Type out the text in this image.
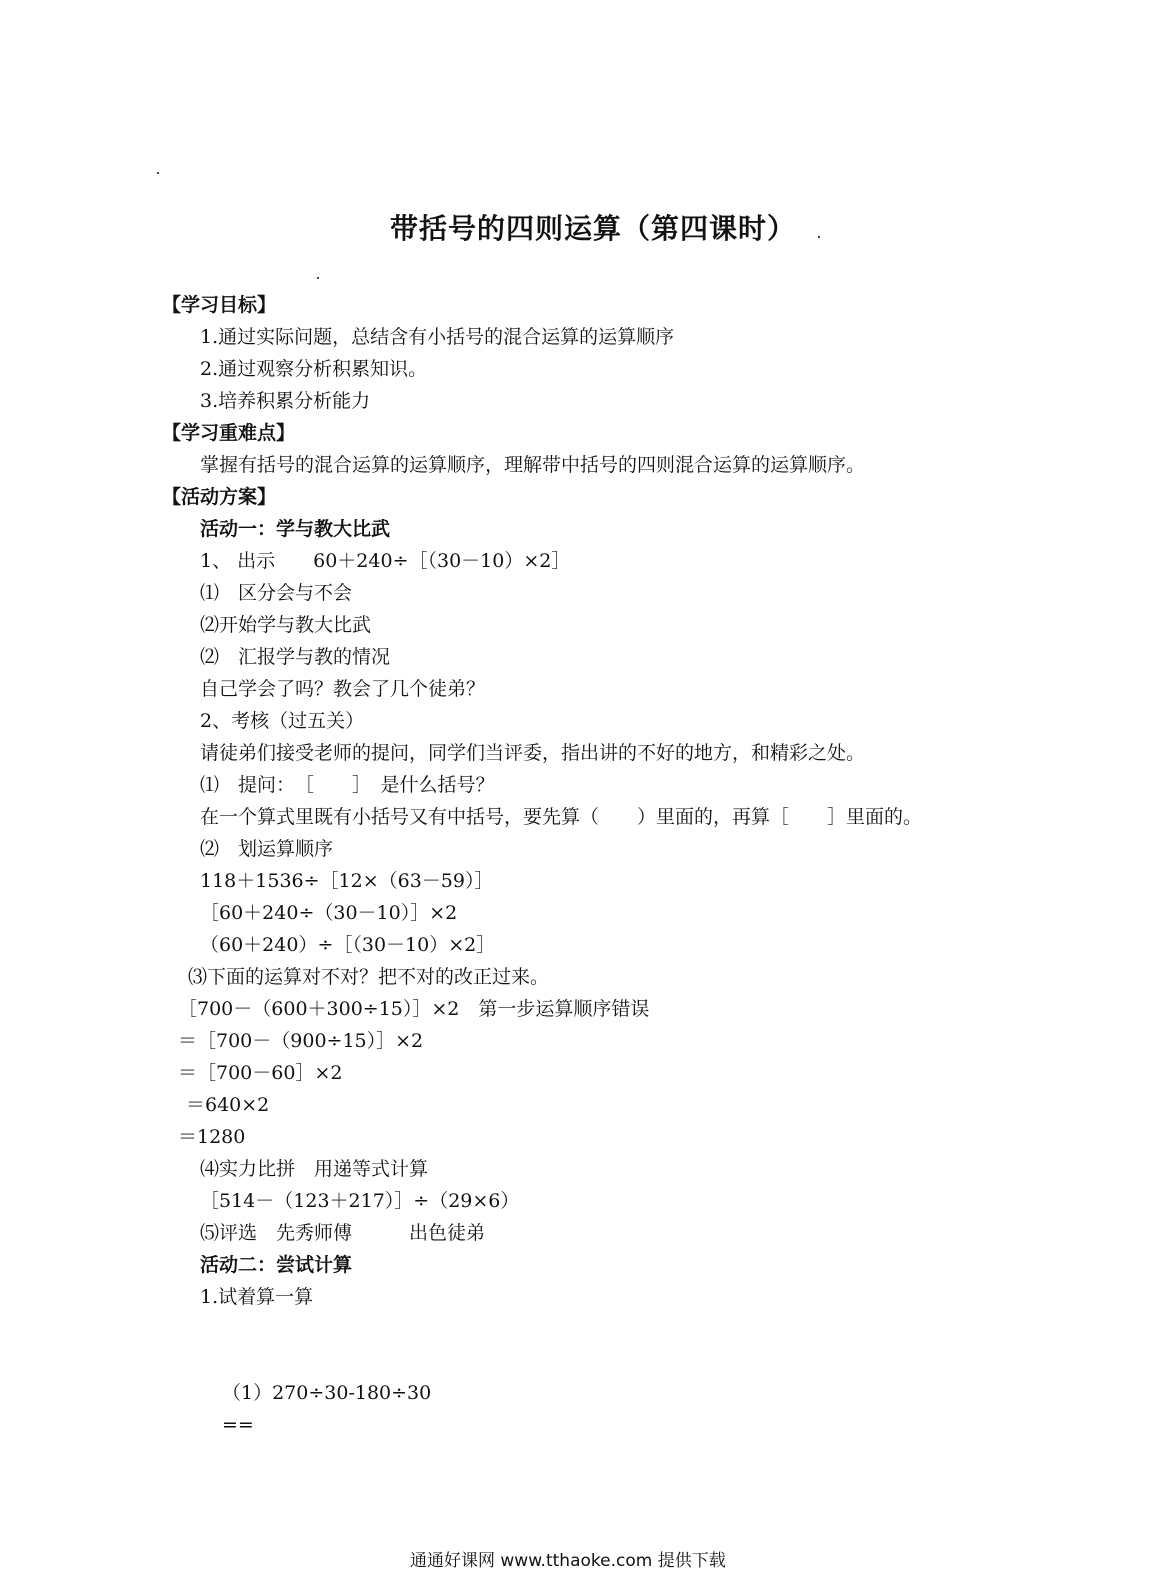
带括号的四则运算（第四课时）
【学习目标】
1.通过实际问题，总结含有小括号的混合运算的运算顺序
2.通过观察分析积累知识。
3.培养积累分析能力
【学习重难点】
掌握有括号的混合运算的运算顺序，理解带中括号的四则混合运算的运算顺序。
【活动方案】
活动一：学与教大比武
1、 出示　　60＋240÷［（30－10）×2］
⑴　区分会与不会
⑵开始学与教大比武
⑵　汇报学与教的情况
自己学会了吗？教会了几个徒弟？
2、考核（过五关）
请徒弟们接受老师的提问，同学们当评委，指出讲的不好的地方，和精彩之处。
⑴　提问：　［　　］　是什么括号？
在一个算式里既有小括号又有中括号，要先算（　　）里面的，再算［　　］里面的。
⑵　划运算顺序
118＋1536÷［12×（63－59）］
［60＋240÷（30－10）］×2
（60＋240）÷［（30－10）×2］
⑶下面的运算对不对？把不对的改正过来。
［700－（600＋300÷15）］×2　第一步运算顺序错误
＝［700－（900÷15）］×2
＝［700－60］×2
＝640×2
＝1280
⑷实力比拼　用递等式计算
［514－（123＋217）］÷（29×6）
⑸评选　先秀师傅　　　出色徒弟
活动二：尝试计算
1.试着算一算
（1）270÷30-180÷30
==
通通好课网 www.tthaoke.com 提供下载
